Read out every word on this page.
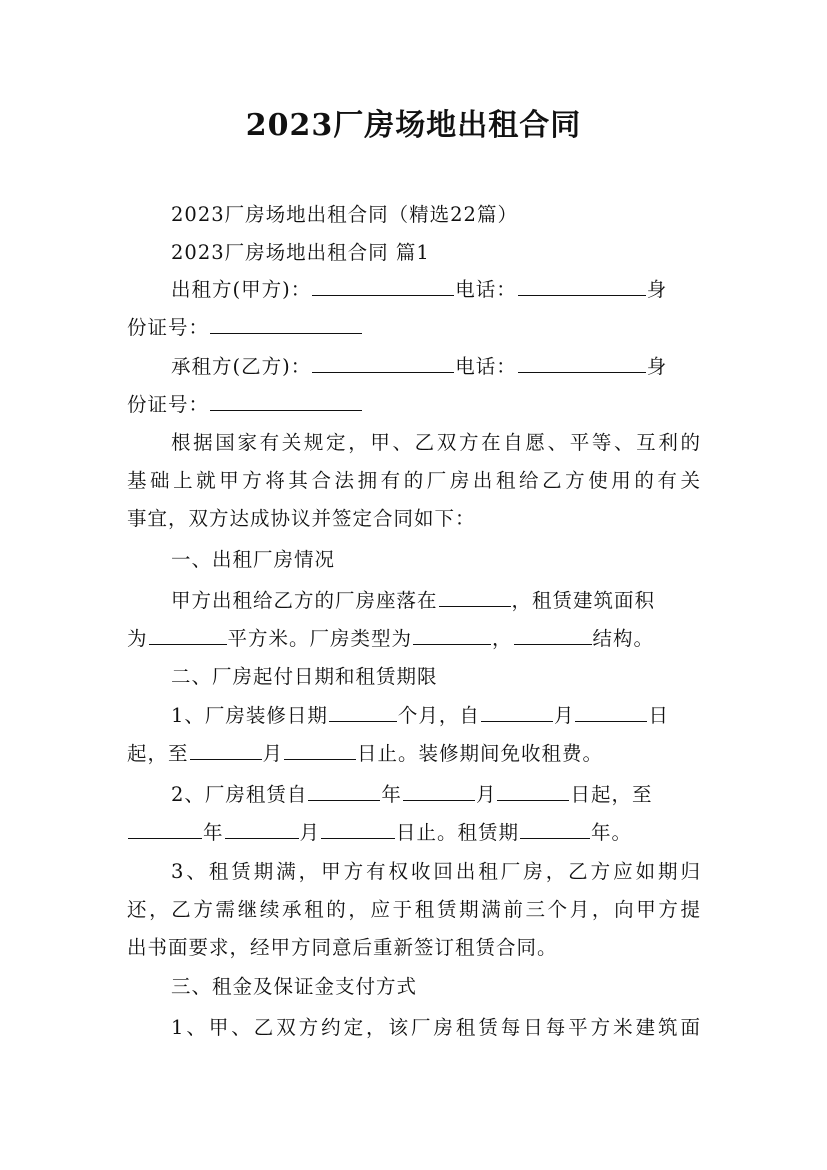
2023厂房场地出租合同
2023厂房场地出租合同（精选22篇）
2023厂房场地出租合同 篇1
出租方(甲方)：	电话：	身
份证号：
承租方(乙方)：	电话：	身
份证号：
根据国家有关规定，甲、乙双方在自愿、平等、互利的
基础上就甲方将其合法拥有的厂房出租给乙方使用的有关
事宜，双方达成协议并签定合同如下：
一、出租厂房情况
甲方出租给乙方的厂房座落在	，租赁建筑面积
为	平方米。厂房类型为	，	结构。
二、厂房起付日期和租赁期限
1、厂房装修日期	个月，自	月	日
起，至	月	日止。装修期间免收租费。
2、厂房租赁自	年	月	日起，至
年	月	日止。租赁期	年。
3、租赁期满，甲方有权收回出租厂房，乙方应如期归
还，乙方需继续承租的，应于租赁期满前三个月，向甲方提
出书面要求，经甲方同意后重新签订租赁合同。
三、租金及保证金支付方式
1、甲、乙双方约定，该厂房租赁每日每平方米建筑面
